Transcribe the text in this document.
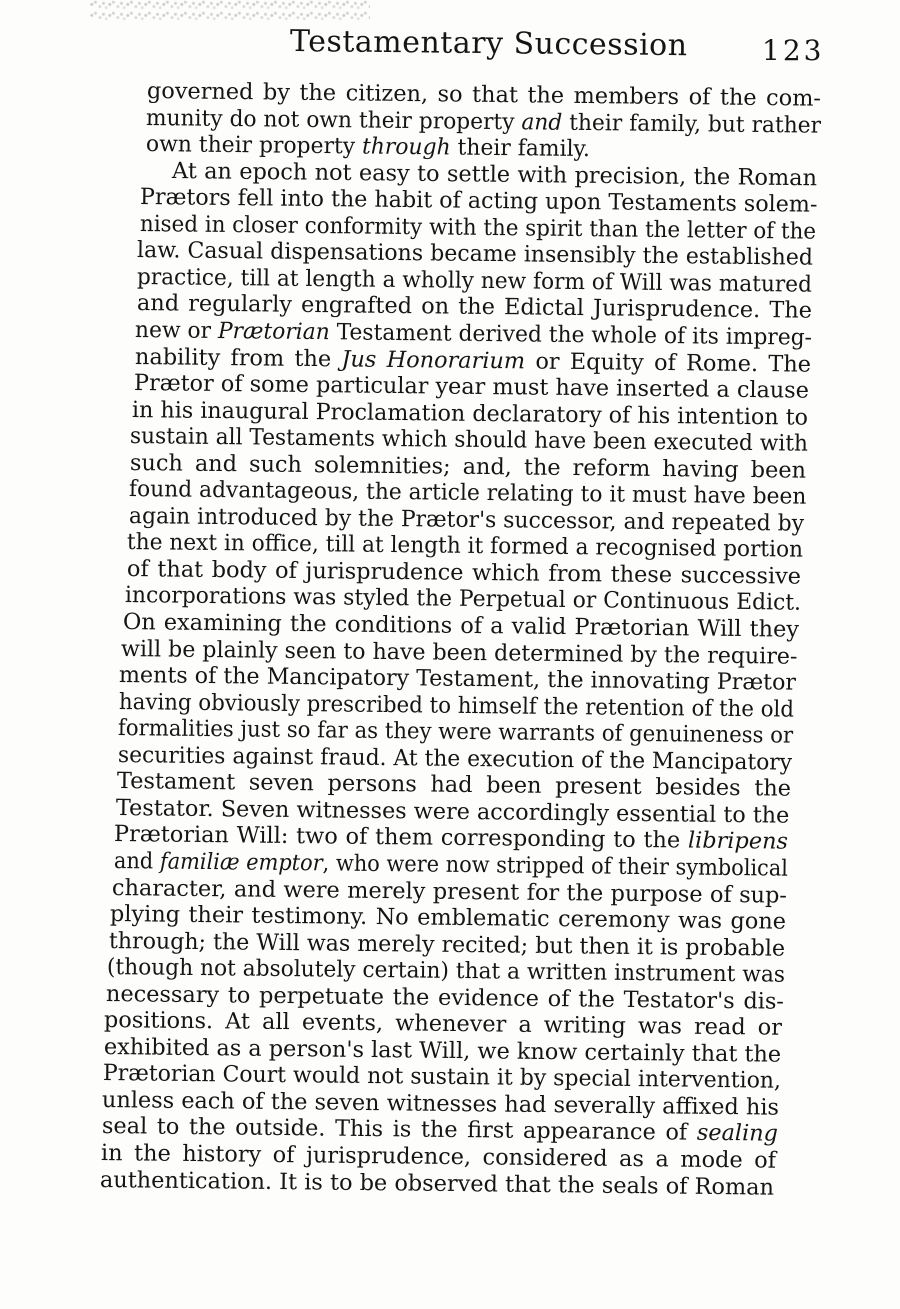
Testamentary Succession	123
governed by the citizen, so that the members of the com-
munity do not own their property and their family, but rather
own their property through their family.
At an epoch not easy to settle with precision, the Roman
Prætors fell into the habit of acting upon Testaments solem-
nised in closer conformity with the spirit than the letter of the
law. Casual dispensations became insensibly the established
practice, till at length a wholly new form of Will was matured
and regularly engrafted on the Edictal Jurisprudence. The
new or Prætorian Testament derived the whole of its impreg-
nability from the Jus Honorarium or Equity of Rome. The
Prætor of some particular year must have inserted a clause
in his inaugural Proclamation declaratory of his intention to
sustain all Testaments which should have been executed with
such and such solemnities; and, the reform having been
found advantageous, the article relating to it must have been
again introduced by the Prætor's successor, and repeated by
the next in office, till at length it formed a recognised portion
of that body of jurisprudence which from these successive
incorporations was styled the Perpetual or Continuous Edict.
On examining the conditions of a valid Prætorian Will they
will be plainly seen to have been determined by the require-
ments of the Mancipatory Testament, the innovating Prætor
having obviously prescribed to himself the retention of the old
formalities just so far as they were warrants of genuineness or
securities against fraud. At the execution of the Mancipatory
Testament seven persons had been present besides the
Testator. Seven witnesses were accordingly essential to the
Prætorian Will: two of them corresponding to the libripens
and familiæ emptor, who were now stripped of their symbolical
character, and were merely present for the purpose of sup-
plying their testimony. No emblematic ceremony was gone
through; the Will was merely recited; but then it is probable
(though not absolutely certain) that a written instrument was
necessary to perpetuate the evidence of the Testator's dis-
positions. At all events, whenever a writing was read or
exhibited as a person's last Will, we know certainly that the
Prætorian Court would not sustain it by special intervention,
unless each of the seven witnesses had severally affixed his
seal to the outside. This is the first appearance of sealing
in the history of jurisprudence, considered as a mode of
authentication. It is to be observed that the seals of Roman
